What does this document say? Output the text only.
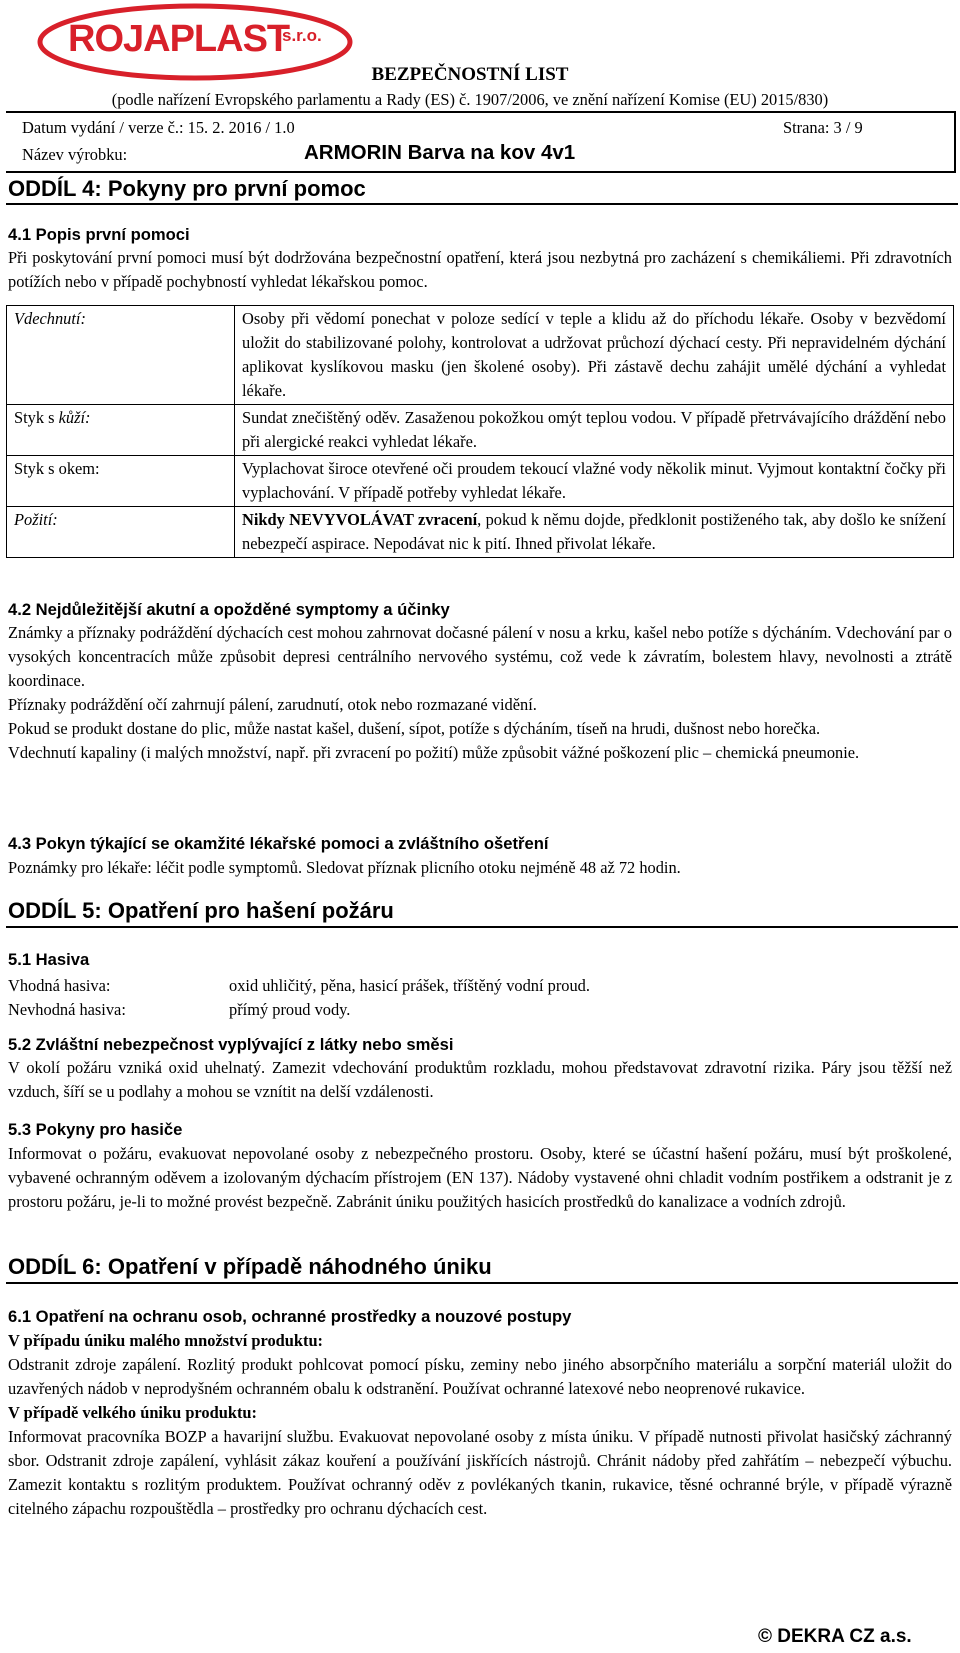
ROJAPLAST
s.r.o.
BEZPEČNOSTNÍ LIST
(podle nařízení Evropského parlamentu a Rady (ES) č. 1907/2006, ve znění nařízení Komise (EU) 2015/830)
Datum vydání / verze č.: 15. 2. 2016 / 1.0	Strana: 3 / 9
Název výrobku:	ARMORIN Barva na kov 4v1
ODDÍL 4: Pokyny pro první pomoc
4.1 Popis první pomoci

Při poskytování první pomoci musí být dodržována bezpečnostní opatření, která jsou nezbytná pro zacházení s chemikáliemi. Při zdravotních potížích nebo v případě pochybností vyhledat lékařskou pomoc.

Vdechnutí:	Osoby při vědomí ponechat v poloze sedící v teple a klidu až do příchodu lékaře. Osoby v bezvědomí uložit do stabilizované polohy, kontrolovat a udržovat průchozí dýchací cesty. Při nepravidelném dýchání aplikovat kyslíkovou masku (jen školené osoby). Při zástavě dechu zahájit umělé dýchání a vyhledat lékaře.
Styk s kůží:	Sundat znečištěný oděv. Zasaženou pokožkou omýt teplou vodou. V případě přetrvávajícího dráždění nebo při alergické reakci vyhledat lékaře.
Styk s okem:	Vyplachovat široce otevřené oči proudem tekoucí vlažné vody několik minut. Vyjmout kontaktní čočky při vyplachování. V případě potřeby vyhledat lékaře.
Požití:	Nikdy NEVYVOLÁVAT zvracení, pokud k němu dojde, předklonit postiženého tak, aby došlo ke snížení nebezpečí aspirace. Nepodávat nic k pití. Ihned přivolat lékaře.
4.2 Nejdůležitější akutní a opožděné symptomy a účinky

Známky a příznaky podráždění dýchacích cest mohou zahrnovat dočasné pálení v nosu a krku, kašel nebo potíže s dýcháním. Vdechování par o vysokých koncentracích může způsobit depresi centrálního nervového systému, což vede k závratím, bolestem hlavy, nevolnosti a ztrátě koordinace.

Příznaky podráždění očí zahrnují pálení, zarudnutí, otok nebo rozmazané vidění.

Pokud se produkt dostane do plic, může nastat kašel, dušení, sípot, potíže s dýcháním, tíseň na hrudi, dušnost nebo horečka.

Vdechnutí kapaliny (i malých množství, např. při zvracení po požití) může způsobit vážné poškození plic – chemická pneumonie.

4.3 Pokyn týkající se okamžité lékařské pomoci a zvláštního ošetření

Poznámky pro lékaře: léčit podle symptomů. Sledovat příznak plicního otoku nejméně 48 až 72 hodin.

ODDÍL 5: Opatření pro hašení požáru
5.1 Hasiva
Vhodná hasiva:	oxid uhličitý, pěna, hasicí prášek, tříštěný vodní proud.
Nevhodná hasiva:	přímý proud vody.
5.2 Zvláštní nebezpečnost vyplývající z látky nebo směsi

V okolí požáru vzniká oxid uhelnatý. Zamezit vdechování produktům rozkladu, mohou představovat zdravotní rizika. Páry jsou těžší než vzduch, šíří se u podlahy a mohou se vznítit na delší vzdálenosti.

5.3 Pokyny pro hasiče

Informovat o požáru, evakuovat nepovolané osoby z nebezpečného prostoru. Osoby, které se účastní hašení požáru, musí být proškolené, vybavené ochranným oděvem a izolovaným dýchacím přístrojem (EN 137). Nádoby vystavené ohni chladit vodním postřikem a odstranit je z prostoru požáru, je-li to možné provést bezpečně. Zabránit úniku použitých hasicích prostředků do kanalizace a vodních zdrojů.

ODDÍL 6: Opatření v případě náhodného úniku
6.1 Opatření na ochranu osob, ochranné prostředky a nouzové postupy

V případu úniku malého množství produktu:

Odstranit zdroje zapálení. Rozlitý produkt pohlcovat pomocí písku, zeminy nebo jiného absorpčního materiálu a sorpční materiál uložit do uzavřených nádob v neprodyšném ochranném obalu k odstranění. Používat ochranné latexové nebo neoprenové rukavice.

V případě velkého úniku produktu:

Informovat pracovníka BOZP a havarijní službu. Evakuovat nepovolané osoby z místa úniku. V případě nutnosti přivolat hasičský záchranný sbor. Odstranit zdroje zapálení, vyhlásit zákaz kouření a používání jiskřících nástrojů. Chránit nádoby před zahřátím – nebezpečí výbuchu. Zamezit kontaktu s rozlitým produktem. Používat ochranný oděv z povlékaných tkanin, rukavice, těsné ochranné brýle, v případě výrazně citelného zápachu rozpouštědla – prostředky pro ochranu dýchacích cest.

© DEKRA CZ a.s.
